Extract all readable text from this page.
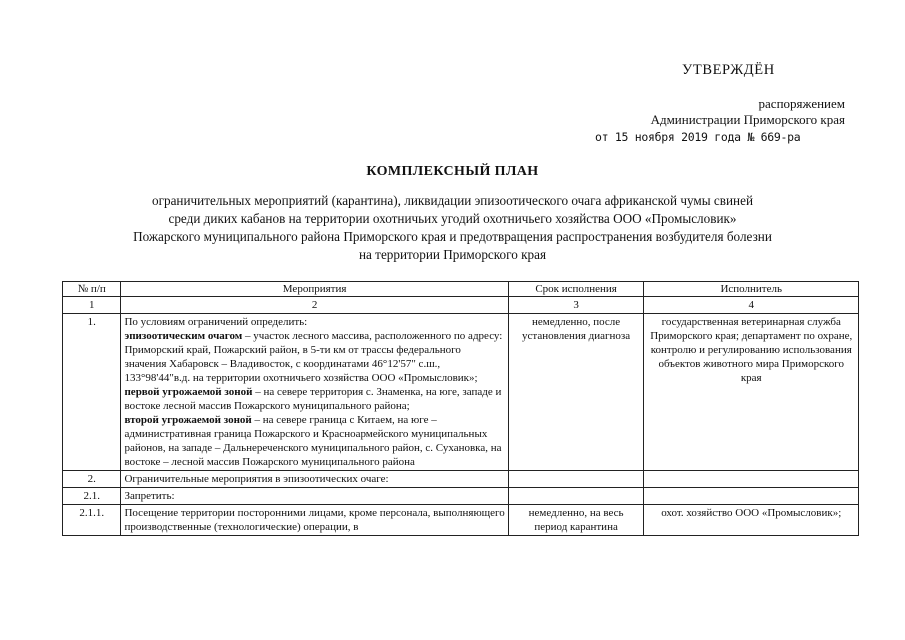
УТВЕРЖДЁН
распоряжением
Администрации Приморского края
от 15 ноября 2019 года № 669-ра
КОМПЛЕКСНЫЙ ПЛАН
ограничительных мероприятий (карантина), ликвидации эпизоотического очага африканской чумы свиней
среди диких кабанов на территории охотничьих угодий охотничьего хозяйства ООО «Промысловик»
Пожарского муниципального района Приморского края и предотвращения распространения возбудителя болезни
на территории Приморского края
№ п/п	Мероприятия	Срок исполнения	Исполнитель
1	2	3	4
1.	По условиям ограничений определить:
эпизоотическим очагом – участок лесного массива, расположенного по адресу: Приморский край, Пожарский район, в 5-ти км от трассы федерального значения Хабаровск – Владивосток, с координатами 46°12'57" с.ш., 133°98'44"в.д. на территории охотничьего хозяйства ООО «Промысловик»;
первой угрожаемой зоной – на севере территория с. Знаменка, на юге, западе и востоке лесной массив Пожарского муниципального района;
второй угрожаемой зоной – на севере граница с Китаем, на юге – административная граница Пожарского и Красноармейского муниципальных районов, на западе – Дальнереченского муниципального район, с. Сухановка, на востоке – лесной массив Пожарского муниципального района	немедленно, после установления диагноза	государственная ветеринарная служба Приморского края; департамент по охране, контролю и регулированию использования объектов животного мира Приморского края
2.	Ограничительные мероприятия в эпизоотических очаге:		
2.1.	Запретить:		
2.1.1.	Посещение территории посторонними лицами, кроме персонала, выполняющего производственные (технологические) операции, в	немедленно, на весь период карантина	охот. хозяйство ООО «Промысловик»;
